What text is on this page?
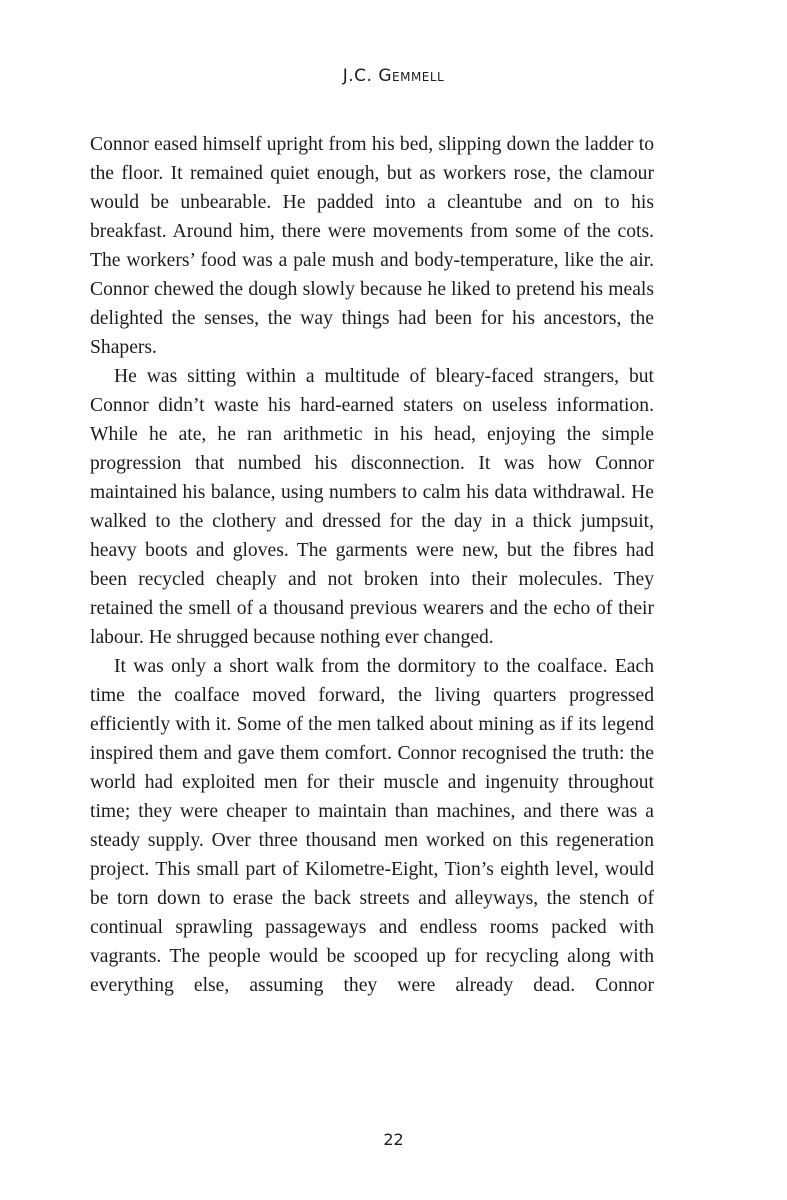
J.C. Gemmell

Connor eased himself upright from his bed, slipping down the ladder to the floor. It remained quiet enough, but as workers rose, the clamour would be unbearable. He padded into a cleantube and on to his breakfast. Around him, there were movements from some of the cots. The workers’ food was a pale mush and body-temperature, like the air. Connor chewed the dough slowly because he liked to pretend his meals delighted the senses, the way things had been for his ancestors, the Shapers.

He was sitting within a multitude of bleary-faced strangers, but Connor didn’t waste his hard-earned staters on useless information. While he ate, he ran arithmetic in his head, enjoying the simple progression that numbed his disconnection. It was how Connor maintained his balance, using numbers to calm his data withdrawal. He walked to the clothery and dressed for the day in a thick jumpsuit, heavy boots and gloves. The garments were new, but the fibres had been recycled cheaply and not broken into their molecules. They retained the smell of a thousand previous wearers and the echo of their labour. He shrugged because nothing ever changed.

It was only a short walk from the dormitory to the coalface. Each time the coalface moved forward, the living quarters progressed efficiently with it. Some of the men talked about mining as if its legend inspired them and gave them comfort. Connor recognised the truth: the world had exploited men for their muscle and ingenuity throughout time; they were cheaper to maintain than machines, and there was a steady supply. Over three thousand men worked on this regeneration project. This small part of Kilometre-Eight, Tion’s eighth level, would be torn down to erase the back streets and alleyways, the stench of continual sprawling passageways and endless rooms packed with vagrants. The people would be scooped up for recycling along with everything else, assuming they were already dead. Connor

22
